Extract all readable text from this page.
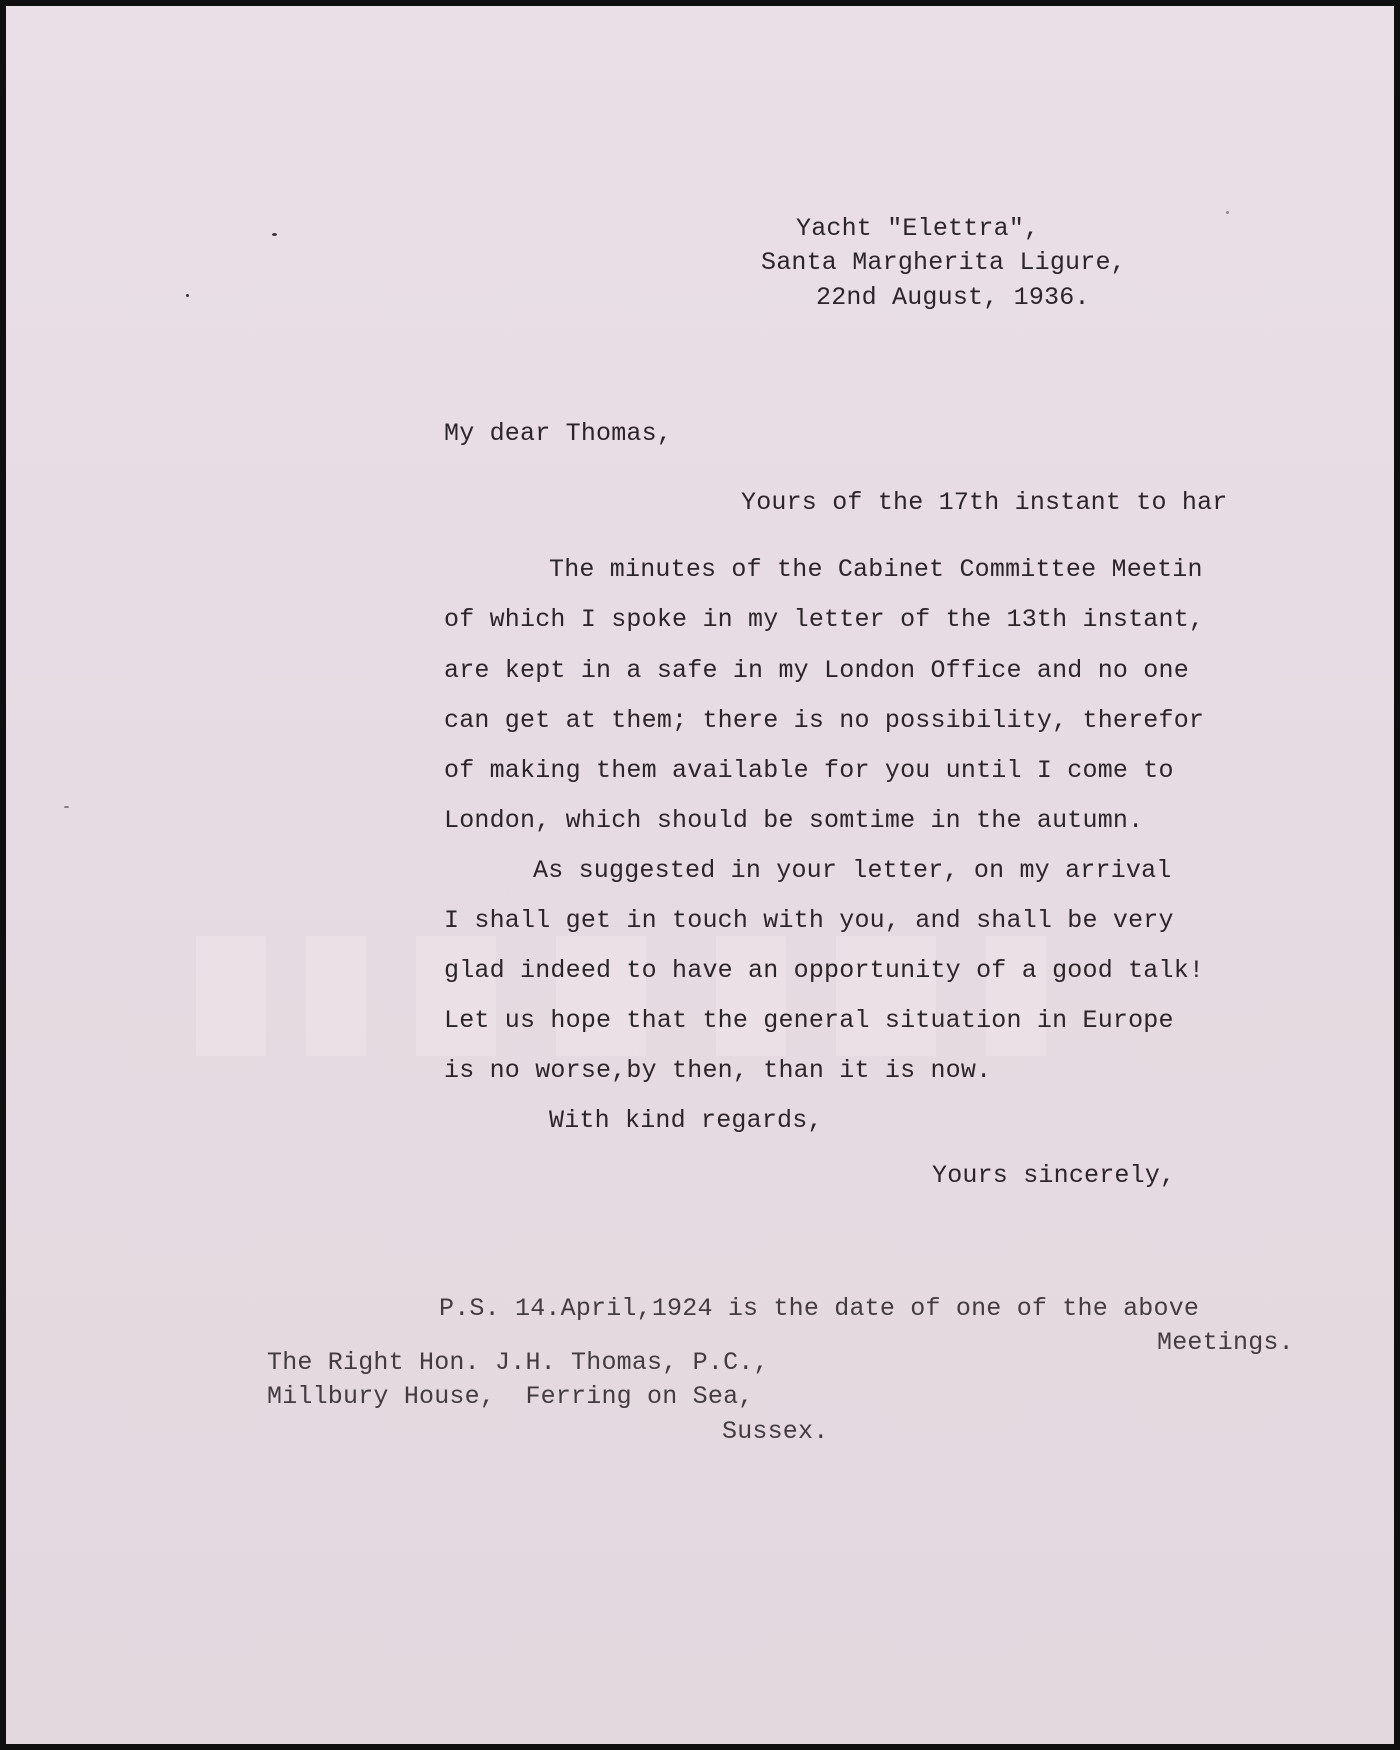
Yacht "Elettra",
Santa Margherita Ligure,
22nd August, 1936.
My dear Thomas,
Yours of the 17th instant to har
The minutes of the Cabinet Committee Meetin
of which I spoke in my letter of the 13th instant,
are kept in a safe in my London Office and no one
can get at them; there is no possibility, therefor
of making them available for you until I come to
London, which should be somtime in the autumn.
As suggested in your letter, on my arrival
I shall get in touch with you, and shall be very
glad indeed to have an opportunity of a good talk!
Let us hope that the general situation in Europe
is no worse,by then, than it is now.
With kind regards,
Yours sincerely,
P.S. 14.April,1924 is the date of one of the above
Meetings.
The Right Hon. J.H. Thomas, P.C.,
Millbury House,  Ferring on Sea,
Sussex.
